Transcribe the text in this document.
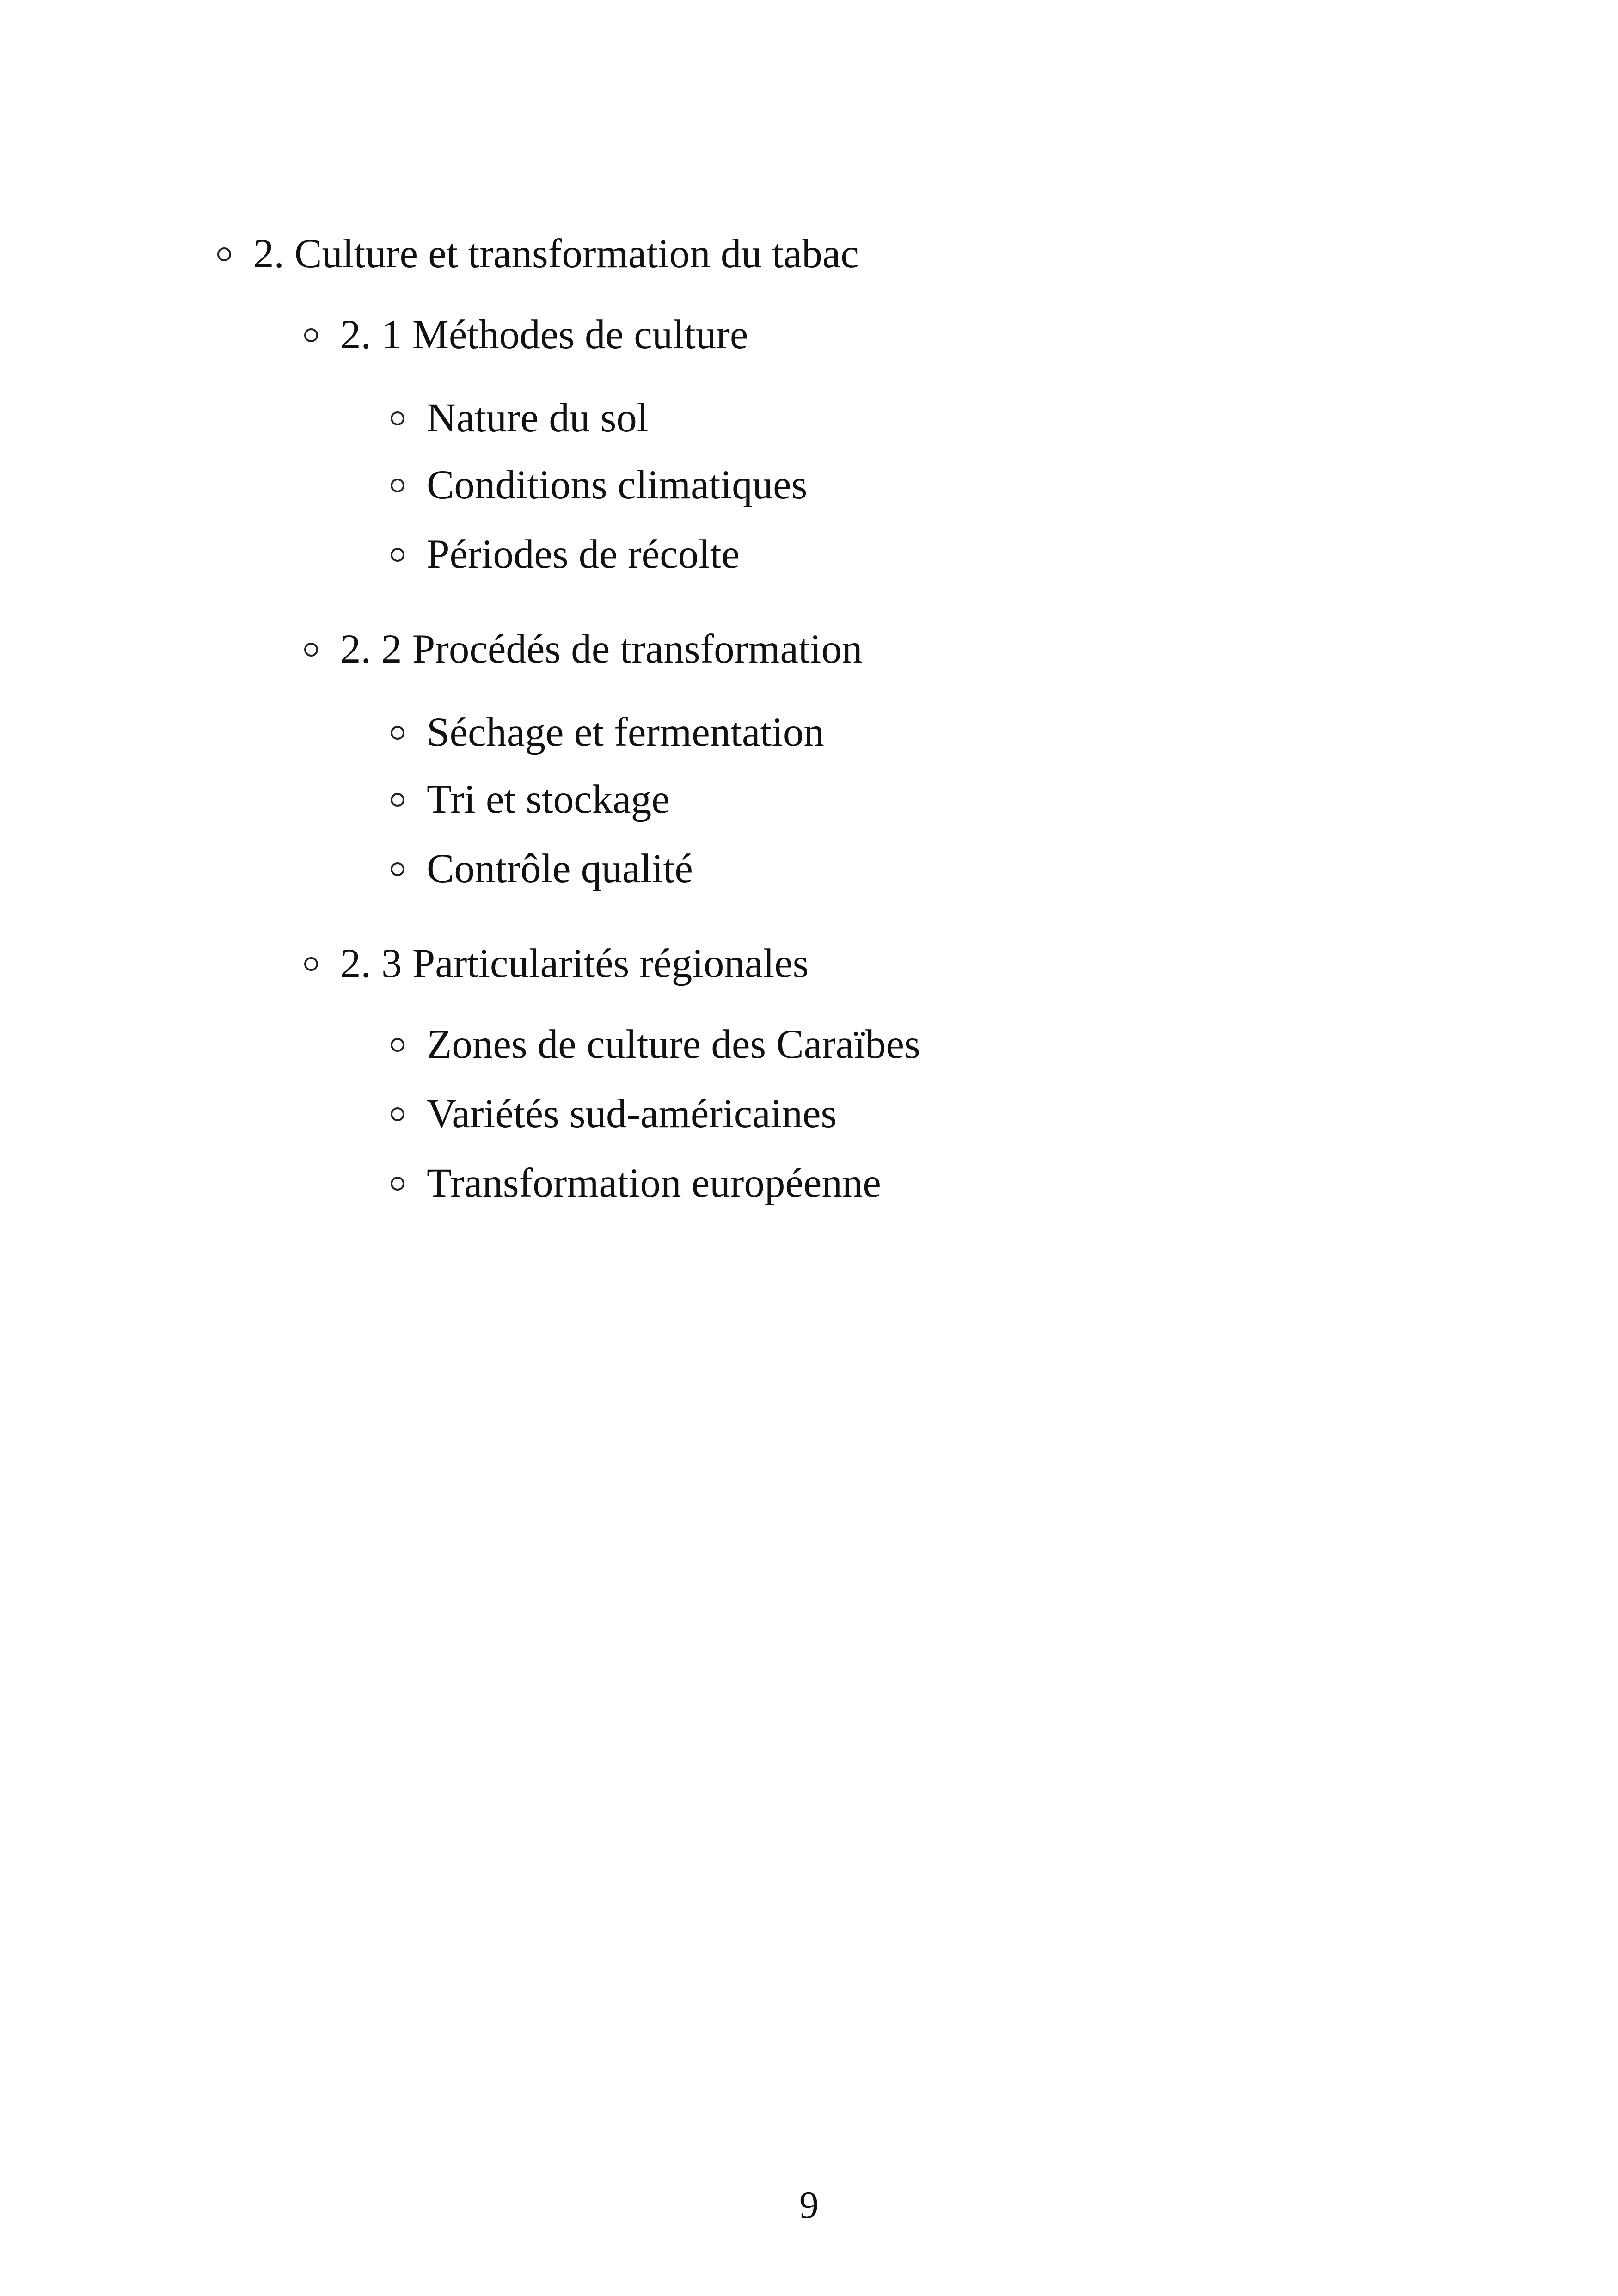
2. Culture et transformation du tabac
2. 1 Méthodes de culture
Nature du sol
Conditions climatiques
Périodes de récolte
2. 2 Procédés de transformation
Séchage et fermentation
Tri et stockage
Contrôle qualité
2. 3 Particularités régionales
Zones de culture des Caraïbes
Variétés sud-américaines
Transformation européenne
9
